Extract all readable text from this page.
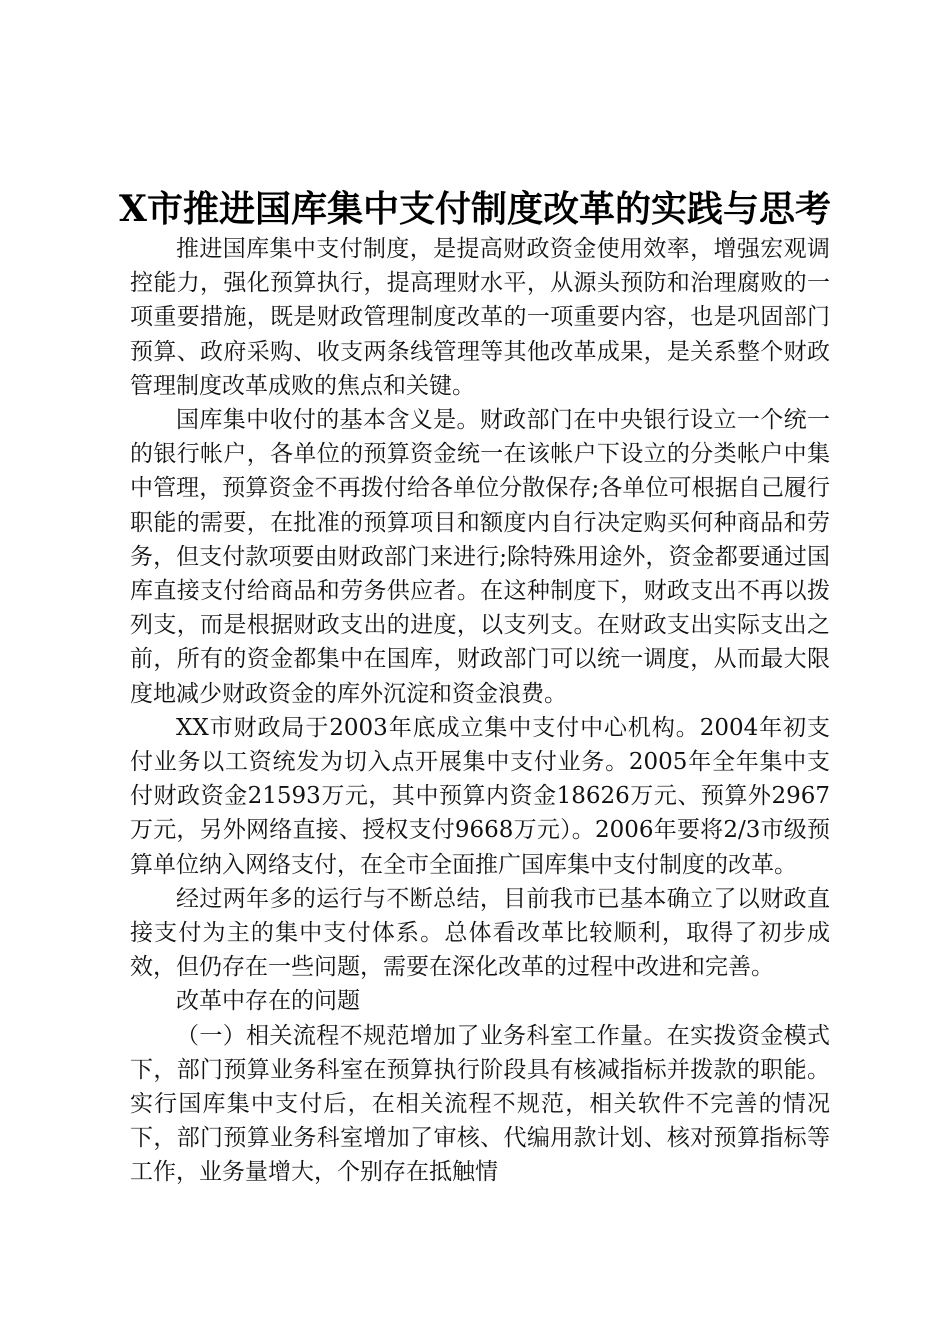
X市推进国库集中支付制度改革的实践与思考

推进国库集中支付制度，是提高财政资金使用效率，增强宏观调控能力，强化预算执行，提高理财水平，从源头预防和治理腐败的一项重要措施，既是财政管理制度改革的一项重要内容，也是巩固部门预算、政府采购、收支两条线管理等其他改革成果，是关系整个财政管理制度改革成败的焦点和关键。

国库集中收付的基本含义是。财政部门在中央银行设立一个统一的银行帐户，各单位的预算资金统一在该帐户下设立的分类帐户中集中管理，预算资金不再拨付给各单位分散保存;各单位可根据自己履行职能的需要，在批准的预算项目和额度内自行决定购买何种商品和劳务，但支付款项要由财政部门来进行;除特殊用途外，资金都要通过国库直接支付给商品和劳务供应者。在这种制度下，财政支出不再以拨列支，而是根据财政支出的进度，以支列支。在财政支出实际支出之前，所有的资金都集中在国库，财政部门可以统一调度，从而最大限度地减少财政资金的库外沉淀和资金浪费。

XX市财政局于2003年底成立集中支付中心机构。2004年初支付业务以工资统发为切入点开展集中支付业务。2005年全年集中支付财政资金21593万元，其中预算内资金18626万元、预算外2967万元，另外网络直接、授权支付9668万元）。2006年要将2/3市级预算单位纳入网络支付，在全市全面推广国库集中支付制度的改革。

经过两年多的运行与不断总结，目前我市已基本确立了以财政直接支付为主的集中支付体系。总体看改革比较顺利，取得了初步成效，但仍存在一些问题，需要在深化改革的过程中改进和完善。

改革中存在的问题

（一）相关流程不规范增加了业务科室工作量。在实拨资金模式下，部门预算业务科室在预算执行阶段具有核减指标并拨款的职能。实行国库集中支付后，在相关流程不规范，相关软件不完善的情况下，部门预算业务科室增加了审核、代编用款计划、核对预算指标等工作，业务量增大，个别存在抵触情
